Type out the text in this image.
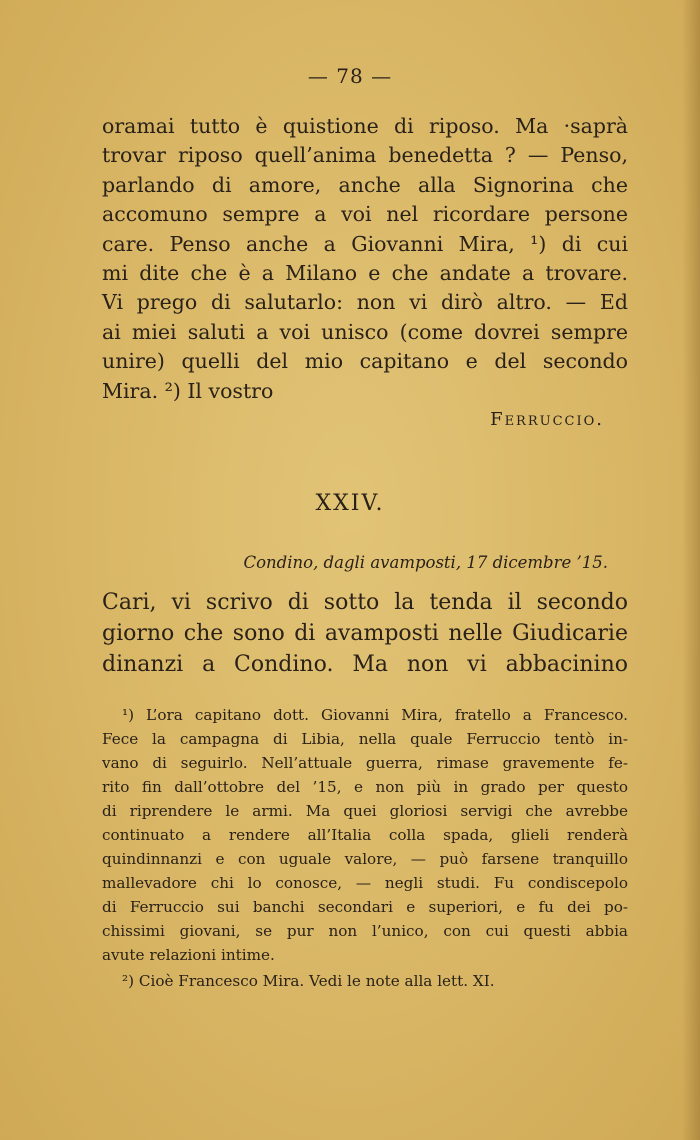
— 78 —

oramai tutto è quistione di riposo. Ma ·saprà

trovar riposo quell’anima benedetta ? — Penso,

parlando di amore, anche alla Signorina che

accomuno sempre a voi nel ricordare persone

care. Penso anche a Giovanni Mira, ¹) di cui

mi dite che è a Milano e che andate a trovare.

Vi prego di salutarlo: non vi dirò altro. — Ed

ai miei saluti a voi unisco (come dovrei sempre

unire) quelli del mio capitano e del secondo

Mira. ²) Il vostro

Ferruccio.
XXIV.
Condino, dagli avamposti, 17 dicembre ’15.

Cari, vi scrivo di sotto la tenda il secondo

giorno che sono di avamposti nelle Giudicarie

dinanzi a Condino. Ma non vi abbacinino

¹) L’ora capitano dott. Giovanni Mira, fratello a Francesco.

Fece la campagna di Libia, nella quale Ferruccio tentò in-

vano di seguirlo. Nell’attuale guerra, rimase gravemente fe-

rito fin dall’ottobre del ’15, e non più in grado per questo

di riprendere le armi. Ma quei gloriosi servigi che avrebbe

continuato a rendere all’Italia colla spada, glieli renderà

quindinnanzi e con uguale valore, — può farsene tranquillo

mallevadore chi lo conosce, — negli studi. Fu condiscepolo

di Ferruccio sui banchi secondari e superiori, e fu dei po-

chissimi giovani, se pur non l’unico, con cui questi abbia

avute relazioni intime.

²) Cioè Francesco Mira. Vedi le note alla lett. XI.
